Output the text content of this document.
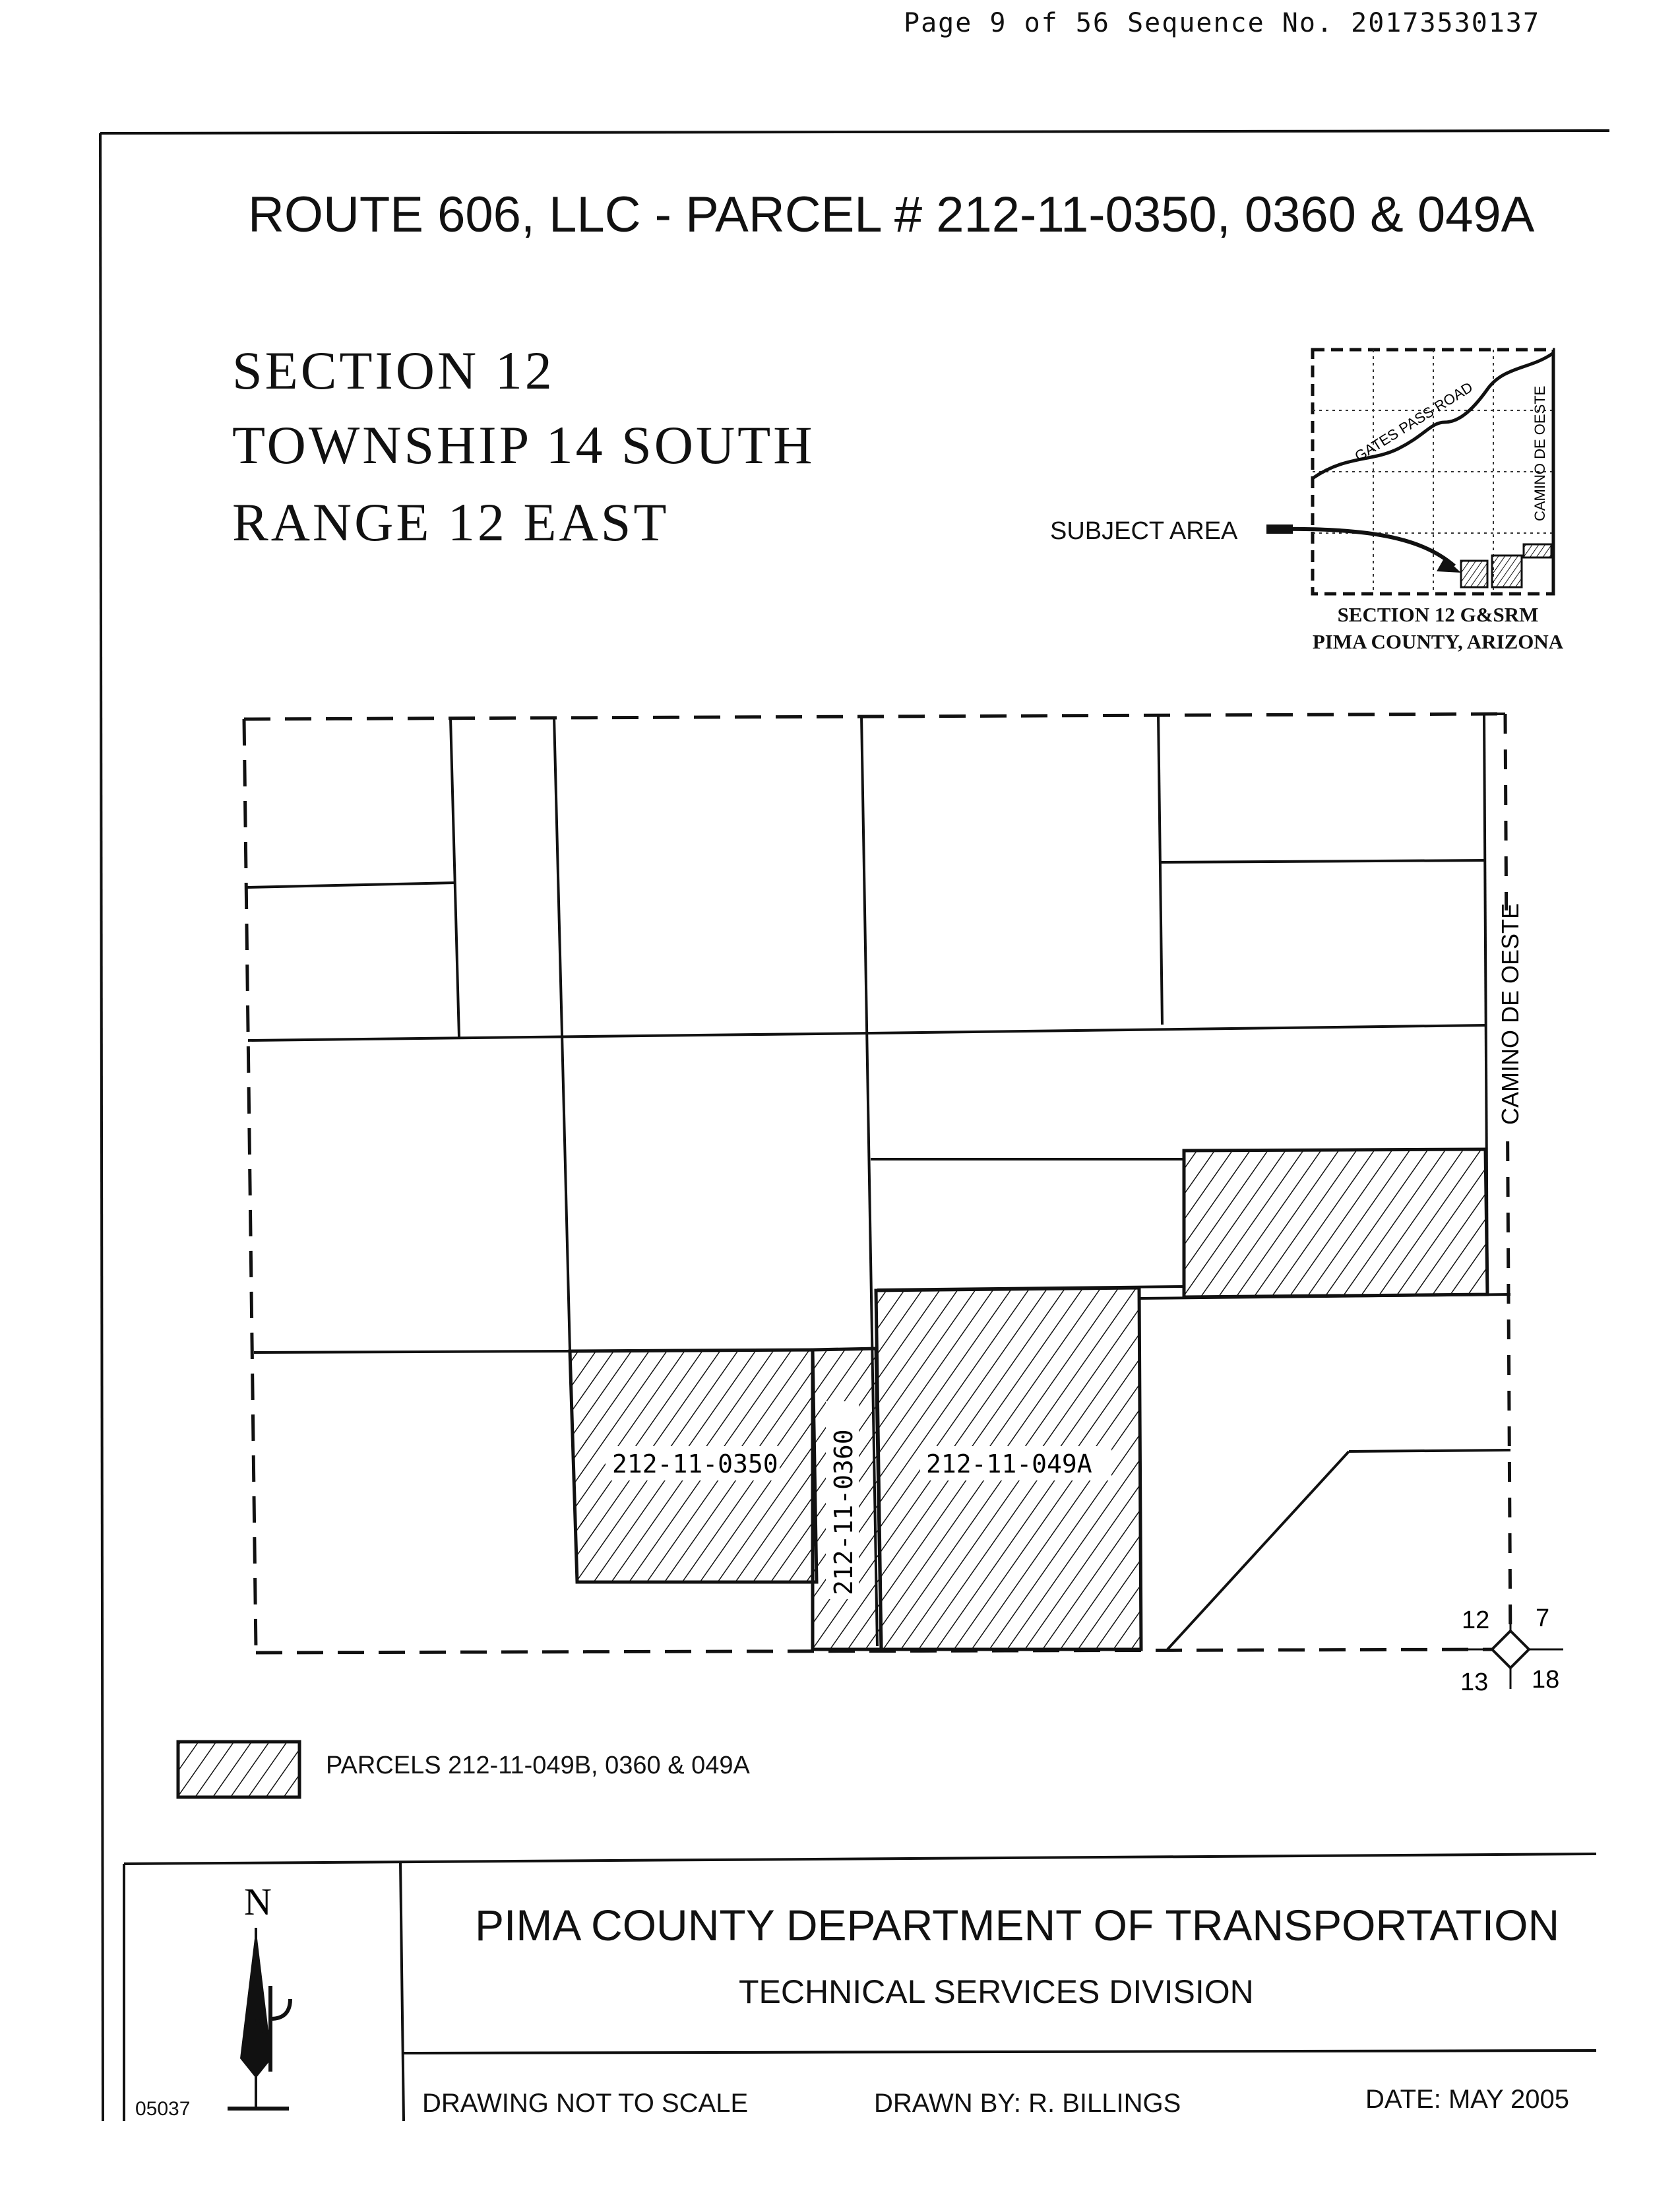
GATES PASS ROAD	CAMINO DE OESTE
212-11-0350	212-11-049A
212-11-0360
CAMINO DE OESTE
12 7
13 18
N
Page 9 of 56 Sequence No. 20173530137
ROUTE 606, LLC - PARCEL # 212-11-0350, 0360 & 049A
SECTION 12
TOWNSHIP 14 SOUTH
RANGE 12 EAST	SUBJECT AREA
SECTION 12 G&SRM
PIMA COUNTY, ARIZONA
PARCELS 212-11-049B, 0360 & 049A
PIMA COUNTY DEPARTMENT OF TRANSPORTATION
TECHNICAL SERVICES DIVISION
DRAWING NOT TO SCALE	DRAWN BY: R. BILLINGS	DATE: MAY 2005
05037
